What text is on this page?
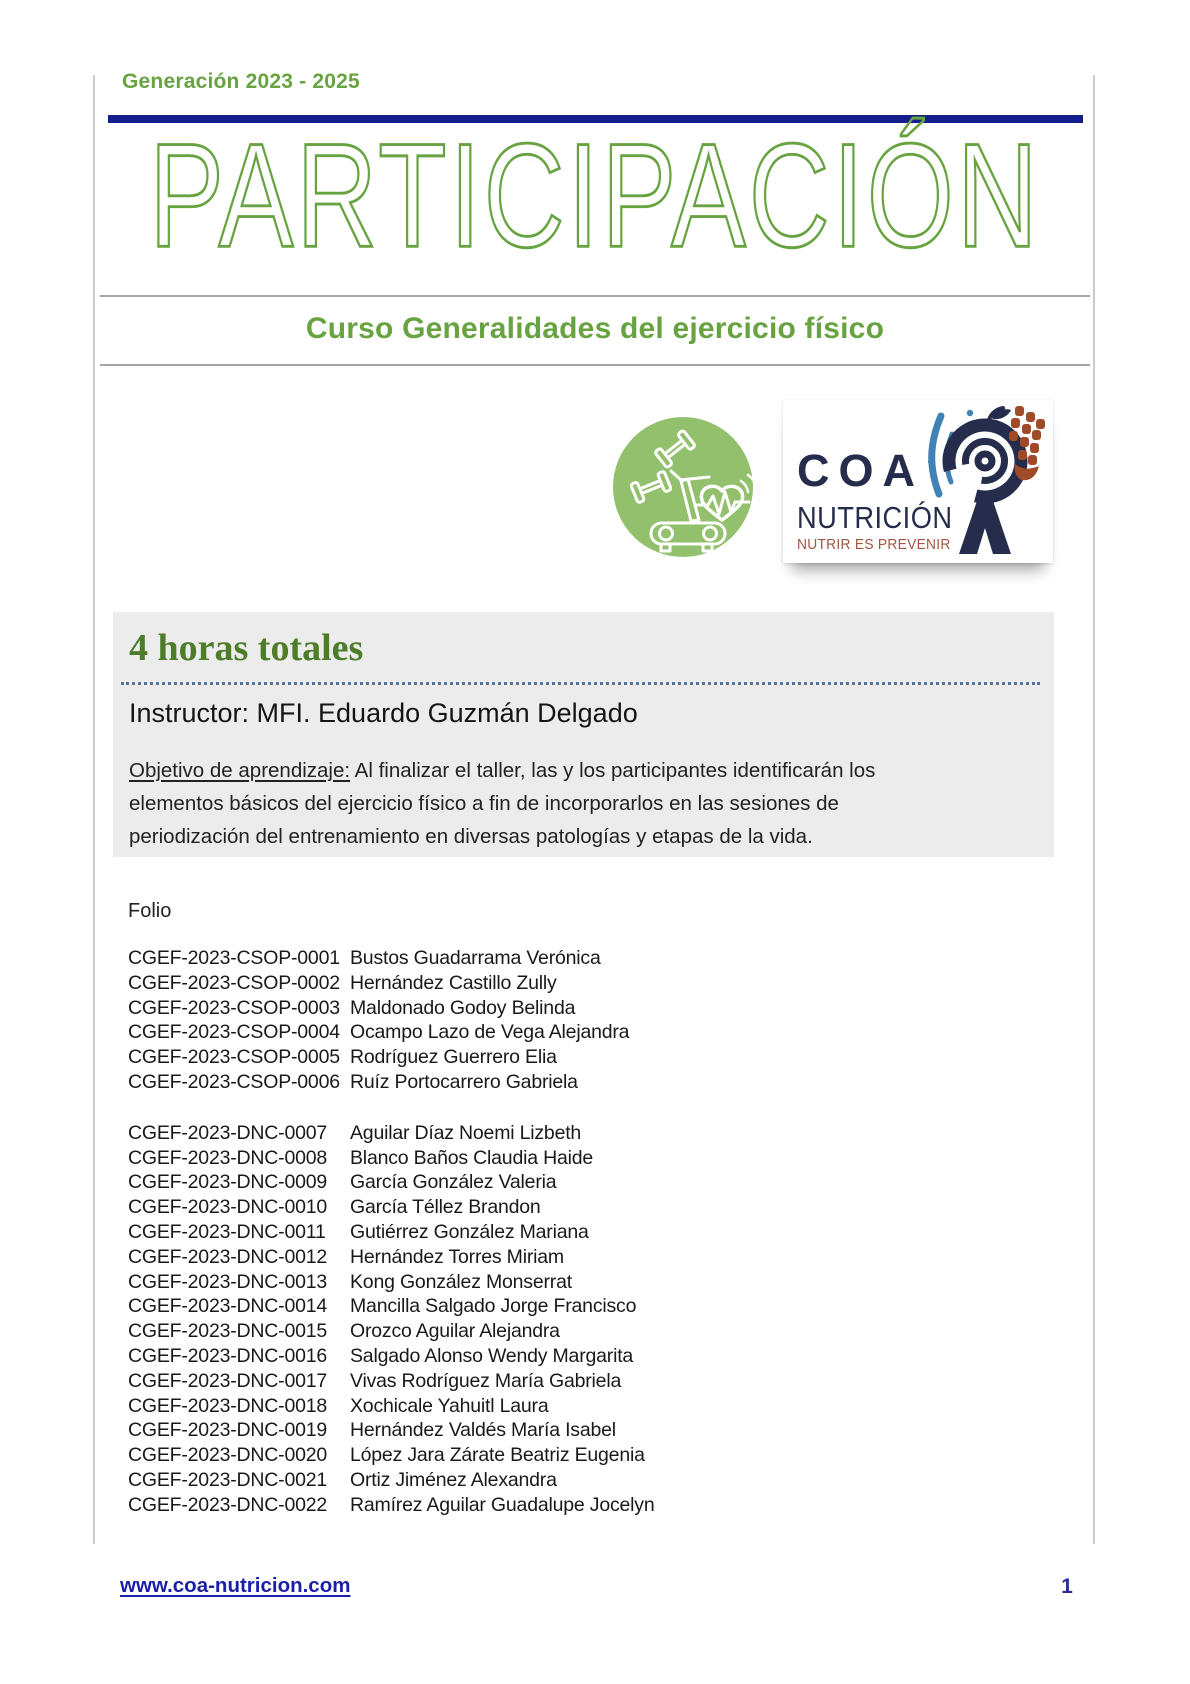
Generación 2023 - 2025
PARTICIPACIÓN
Curso Generalidades del ejercicio físico
COA
NUTRICIÓN
NUTRIR ES PREVENIR
4 horas totales
Instructor: MFI. Eduardo Guzmán Delgado
Objetivo de aprendizaje: Al finalizar el taller, las y los participantes identificarán los
elementos básicos del ejercicio físico a fin de incorporarlos en las sesiones de
periodización del entrenamiento en diversas patologías y etapas de la vida.
Folio
CGEF-2023-CSOP-0001 Bustos Guadarrama Verónica
CGEF-2023-CSOP-0002 Hernández Castillo Zully
CGEF-2023-CSOP-0003 Maldonado Godoy Belinda
CGEF-2023-CSOP-0004 Ocampo Lazo de Vega Alejandra
CGEF-2023-CSOP-0005 Rodríguez Guerrero Elia
CGEF-2023-CSOP-0006 Ruíz Portocarrero Gabriela
CGEF-2023-DNC-0007	Aguilar Díaz Noemi Lizbeth
CGEF-2023-DNC-0008	Blanco Baños Claudia Haide
CGEF-2023-DNC-0009	García González Valeria
CGEF-2023-DNC-0010	García Téllez Brandon
CGEF-2023-DNC-0011	Gutiérrez González Mariana
CGEF-2023-DNC-0012	Hernández Torres Miriam
CGEF-2023-DNC-0013	Kong González Monserrat
CGEF-2023-DNC-0014	Mancilla Salgado Jorge Francisco
CGEF-2023-DNC-0015	Orozco Aguilar Alejandra
CGEF-2023-DNC-0016	Salgado Alonso Wendy Margarita
CGEF-2023-DNC-0017	Vivas Rodríguez María Gabriela
CGEF-2023-DNC-0018	Xochicale Yahuitl Laura
CGEF-2023-DNC-0019	Hernández Valdés María Isabel
CGEF-2023-DNC-0020	López Jara Zárate Beatriz Eugenia
CGEF-2023-DNC-0021	Ortiz Jiménez Alexandra
CGEF-2023-DNC-0022	Ramírez Aguilar Guadalupe Jocelyn
www.coa-nutricion.com	1
